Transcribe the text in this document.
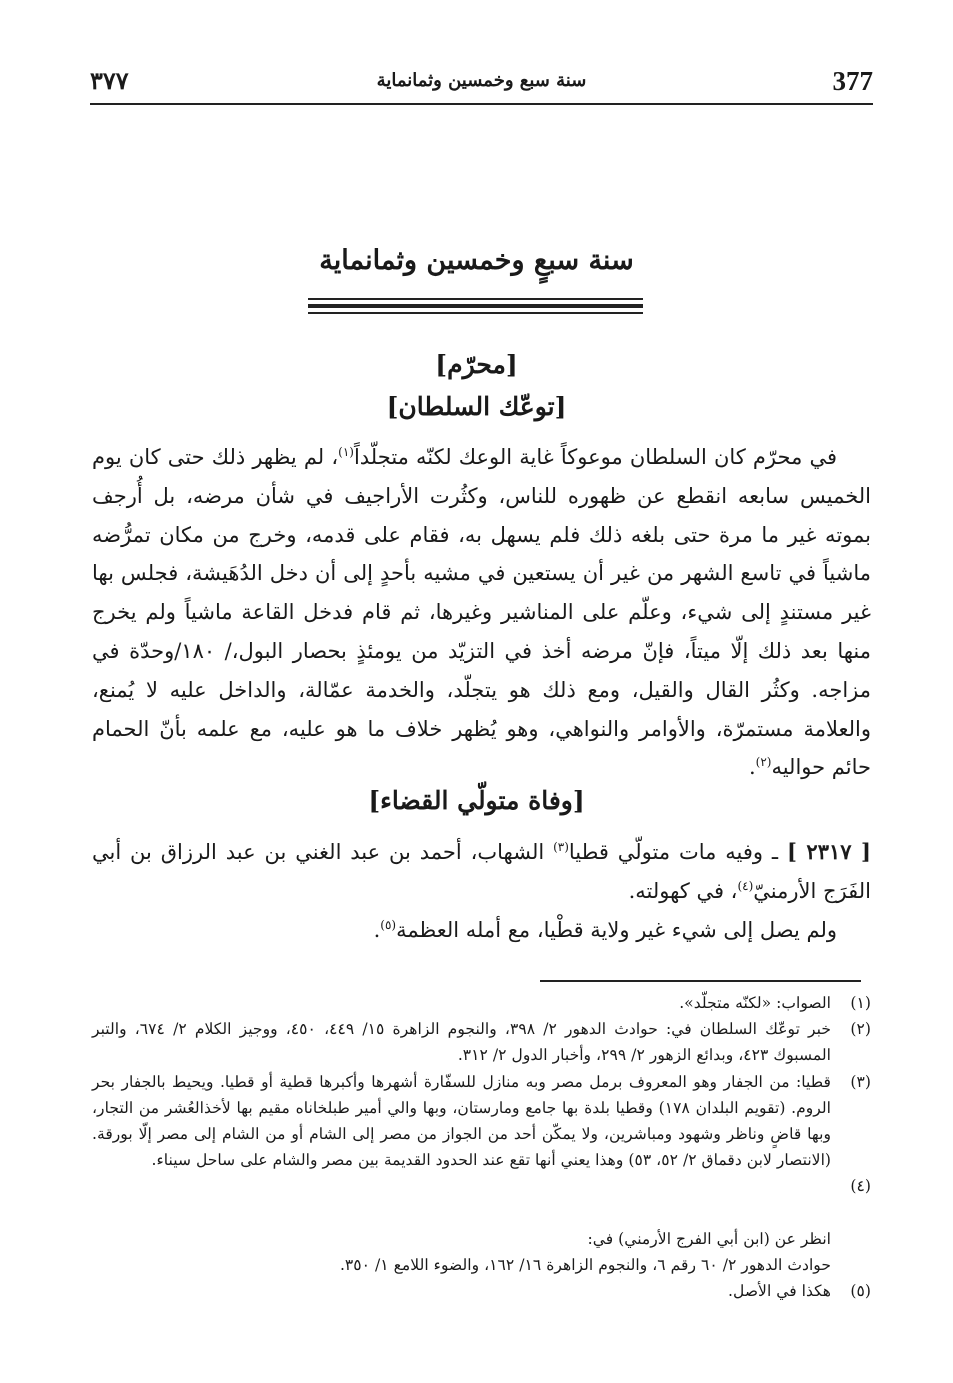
٣٧٧	سنة سبع وخمسين وثمانماية	377
سنة سبعٍ وخمسين وثمانماية
[محرّم]
[توعّك السلطان]
في محرّم كان السلطان موعوكاً غاية الوعك لكنّه متجلّداً$^{(١)}$، لم يظهر ذلك حتى كان يوم الخميس سابعه انقطع عن ظهوره للناس، وكثُرت الأراجيف في شأن مرضه، بل أُرجف بموته غير ما مرة حتى بلغه ذلك فلم يسهل به، فقام على قدمه، وخرج من مكان تمرُّضه ماشياً في تاسع الشهر من غير أن يستعين في مشيه بأحدٍ إلى أن دخل الدُهَيشة، فجلس بها غير مستندٍ إلى شيء، وعلّم على المناشير وغيرها، ثم قام فدخل القاعة ماشياً ولم يخرج منها بعد ذلك إلّا ميتاً، فإنّ مرضه أخذ في التزيّد من يومئذٍ بحصار البول،/ ١٨٠/وحدّة في مزاجه. وكثُر القال والقيل، ومع ذلك هو يتجلّد، والخدمة عمّالة، والداخل عليه لا يُمنع، والعلامة مستمرّة، والأوامر والنواهي، وهو يُظهر خلاف ما هو عليه، مع علمه بأنّ الحمام حائم حواليه$^{(٢)}$.
[وفاة متولّي القضاء]
[ ٢٣١٧ ] ـ وفيه مات متولّي قطيا$^{(٣)}$ الشهاب، أحمد بن عبد الغني بن عبد الرزاق بن أبي الفَرَج الأرمنيّ$^{(٤)}$، في كهولته.
ولم يصل إلى شيء غير ولاية قطْيا، مع أمله العظمة$^{(٥)}$.
(١)
الصواب: «لكنّه متجلّد».
(٢)
خبر توعّك السلطان في: حوادث الدهور ٢/ ٣٩٨، والنجوم الزاهرة ١٥/ ٤٤٩، ٤٥٠، ووجيز الكلام ٢/ ٦٧٤، والتبر المسبوك ٤٢٣، وبدائع الزهور ٢/ ٢٩٩، وأخبار الدول ٢/ ٣١٢.
(٣)
قطيا: من الجفار وهو المعروف برمل مصر وبه منازل للسفّارة أشهرها وأكبرها قطية أو قطيا. ويحيط بالجفار بحر الروم. (تقويم البلدان ١٧٨) وقطيا بلدة بها جامع ومارستان، وبها والي أمير طبلخاناه مقيم بها لأخذالعُشر من التجار، وبها قاضٍ وناظر وشهود ومباشرين، ولا يمكّن أحد من الجواز من مصر إلى الشام أو من الشام إلى مصر إلّا بورقة. (الانتصار لابن دقماق ٢/ ٥٢، ٥٣) وهذا يعني أنها تقع عند الحدود القديمة بين مصر والشام على ساحل سيناء.

(٤)

انظر عن (ابن أبي الفرج الأرمني) في:
حوادث الدهور ٢/ ٦٠ رقم ٦، والنجوم الزاهرة ١٦/ ١٦٢، والضوء اللامع ١/ ٣٥٠.

(٥)
هكذا في الأصل.
